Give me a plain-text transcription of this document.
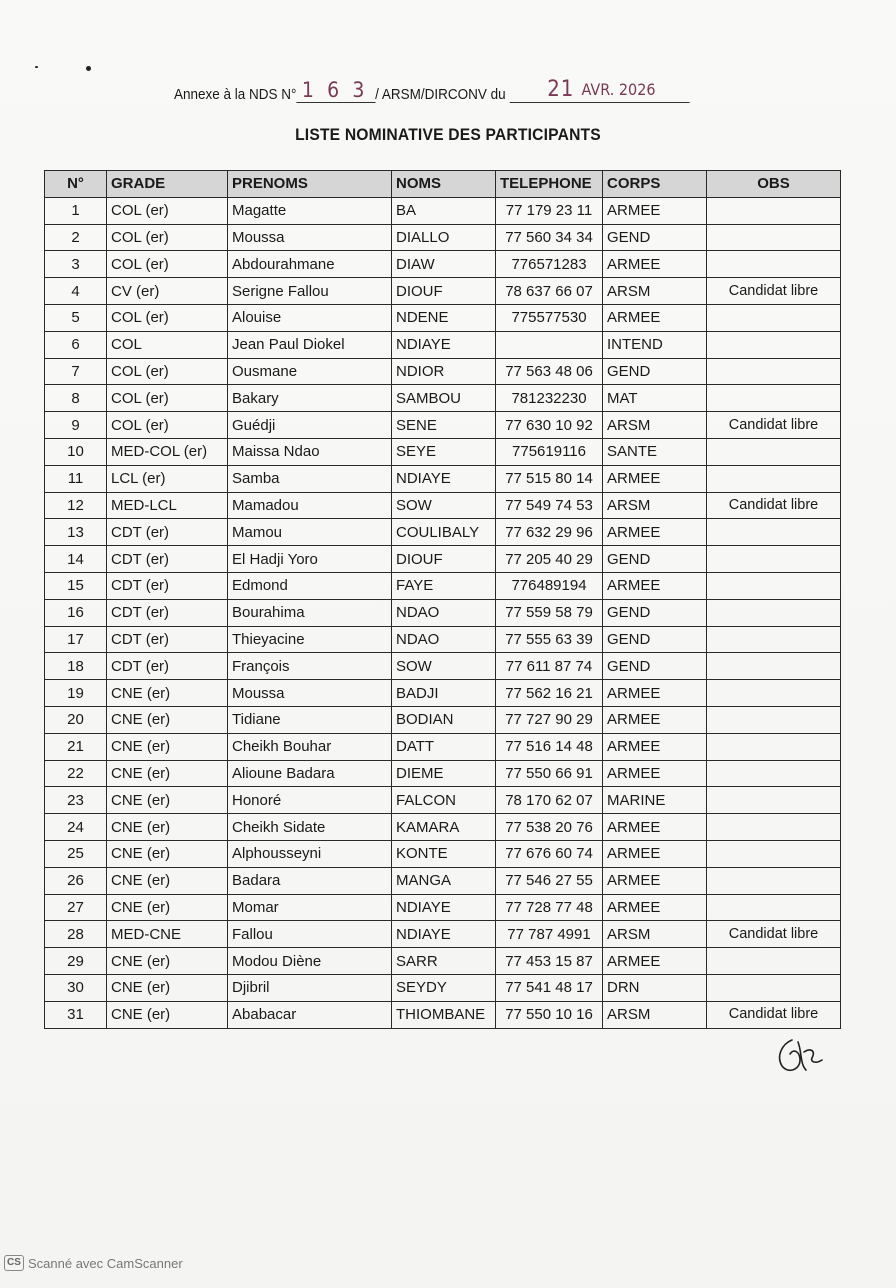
Annexe à la NDS N° 1 6 3 / ARSM/DIRCONV du 21 AVR. 2026
LISTE NOMINATIVE DES PARTICIPANTS
N°	GRADE	PRENOMS	NOMS	TELEPHONE	CORPS	OBS
1	COL (er)	Magatte	BA	77 179 23 11	ARMEE	
2	COL (er)	Moussa	DIALLO	77 560 34 34	GEND	
3	COL (er)	Abdourahmane	DIAW	776571283	ARMEE	
4	CV (er)	Serigne Fallou	DIOUF	78 637 66 07	ARSM	Candidat libre
5	COL (er)	Alouise	NDENE	775577530	ARMEE	
6	COL	Jean Paul Diokel	NDIAYE		INTEND	
7	COL (er)	Ousmane	NDIOR	77 563 48 06	GEND	
8	COL (er)	Bakary	SAMBOU	781232230	MAT	
9	COL (er)	Guédji	SENE	77 630 10 92	ARSM	Candidat libre
10	MED-COL (er)	Maissa Ndao	SEYE	775619116	SANTE	
11	LCL (er)	Samba	NDIAYE	77 515 80 14	ARMEE	
12	MED-LCL	Mamadou	SOW	77 549 74 53	ARSM	Candidat libre
13	CDT (er)	Mamou	COULIBALY	77 632 29 96	ARMEE	
14	CDT (er)	El Hadji Yoro	DIOUF	77 205 40 29	GEND	
15	CDT (er)	Edmond	FAYE	776489194	ARMEE	
16	CDT (er)	Bourahima	NDAO	77 559 58 79	GEND	
17	CDT (er)	Thieyacine	NDAO	77 555 63 39	GEND	
18	CDT (er)	François	SOW	77 611 87 74	GEND	
19	CNE (er)	Moussa	BADJI	77 562 16 21	ARMEE	
20	CNE (er)	Tidiane	BODIAN	77 727 90 29	ARMEE	
21	CNE (er)	Cheikh Bouhar	DATT	77 516 14 48	ARMEE	
22	CNE (er)	Alioune Badara	DIEME	77 550 66 91	ARMEE	
23	CNE (er)	Honoré	FALCON	78 170 62 07	MARINE	
24	CNE (er)	Cheikh Sidate	KAMARA	77 538 20 76	ARMEE	
25	CNE (er)	Alphousseyni	KONTE	77 676 60 74	ARMEE	
26	CNE (er)	Badara	MANGA	77 546 27 55	ARMEE	
27	CNE (er)	Momar	NDIAYE	77 728 77 48	ARMEE	
28	MED-CNE	Fallou	NDIAYE	77 787 4991	ARSM	Candidat libre
29	CNE (er)	Modou Diène	SARR	77 453 15 87	ARMEE	
30	CNE (er)	Djibril	SEYDY	77 541 48 17	DRN	
31	CNE (er)	Ababacar	THIOMBANE	77 550 10 16	ARSM	Candidat libre
CS Scanné avec CamScanner
